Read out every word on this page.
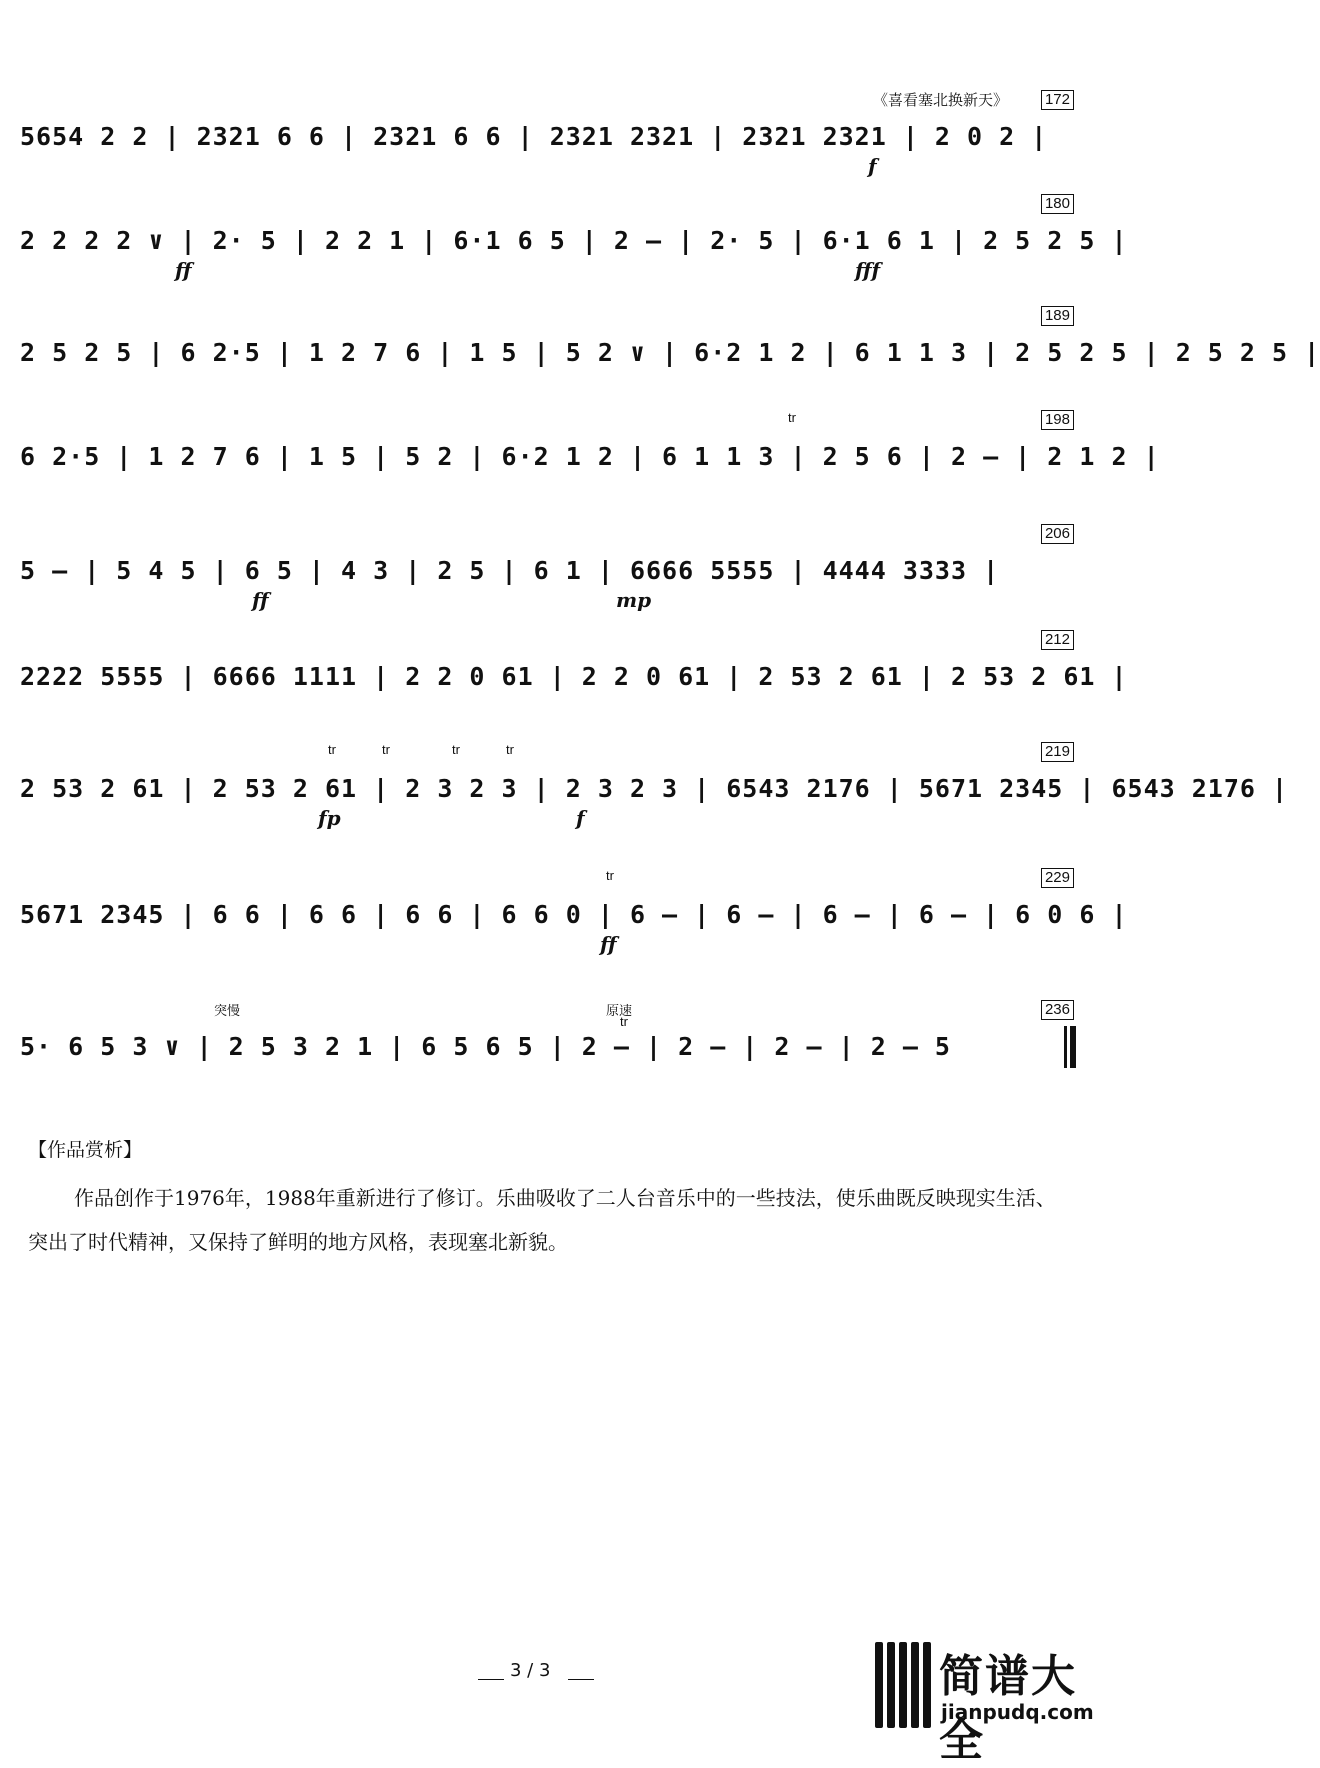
《喜看塞北换新天》
5654 2 2 | 2321 6 6 | 2321 6 6 | 2321 2321 | 2321 2321 | 2 0 2 |
f
172
2 2 2 2 ∨ | 2· 5 | 2 2 1 | 6·1 6 5 | 2 – | 2· 5 | 6·1 6 1 | 2 5 2 5 |
ff	fff
180
2 5 2 5 | 6 2·5 | 1 2 7 6 | 1 5 | 5 2 ∨ | 6·2 1 2 | 6 1 1 3 | 2 5 2 5 | 2 5 2 5 |
189
6 2·5 | 1 2 7 6 | 1 5 | 5 2 | 6·2 1 2 | 6 1 1 3 | 2 5 6 | 2 – | 2 1 2 |
tr	198
5 – | 5 4 5 | 6 5 | 4 3 | 2 5 | 6 1 | 6666 5555 | 4444 3333 |
ff	mp
206
2222 5555 | 6666 1111 | 2 2 0 61 | 2 2 0 61 | 2 53 2 61 | 2 53 2 61 |
212
2 53 2 61 | 2 53 2 61 | 2 3 2 3 | 2 3 2 3 | 6543 2176 | 5671 2345 | 6543 2176 |
tr	tr	tr	tr
fp	f
219
5671 2345 | 6 6 | 6 6 | 6 6 | 6 6 0 | 6 – | 6 – | 6 – | 6 – | 6 0 6 |
tr
ff
229
5· 6 5 3 ∨ | 2 5 3 2 1 | 6 5 6 5 | 2 – | 2 – | 2 – | 2 – 5
突慢	原速
tr
236
【作品赏析】
作品创作于1976年，1988年重新进行了修订。乐曲吸收了二人台音乐中的一些技法，使乐曲既反映现实生活、突出了时代精神，又保持了鲜明的地方风格，表现塞北新貌。
3 / 3	简谱大全
jianpudq.com
